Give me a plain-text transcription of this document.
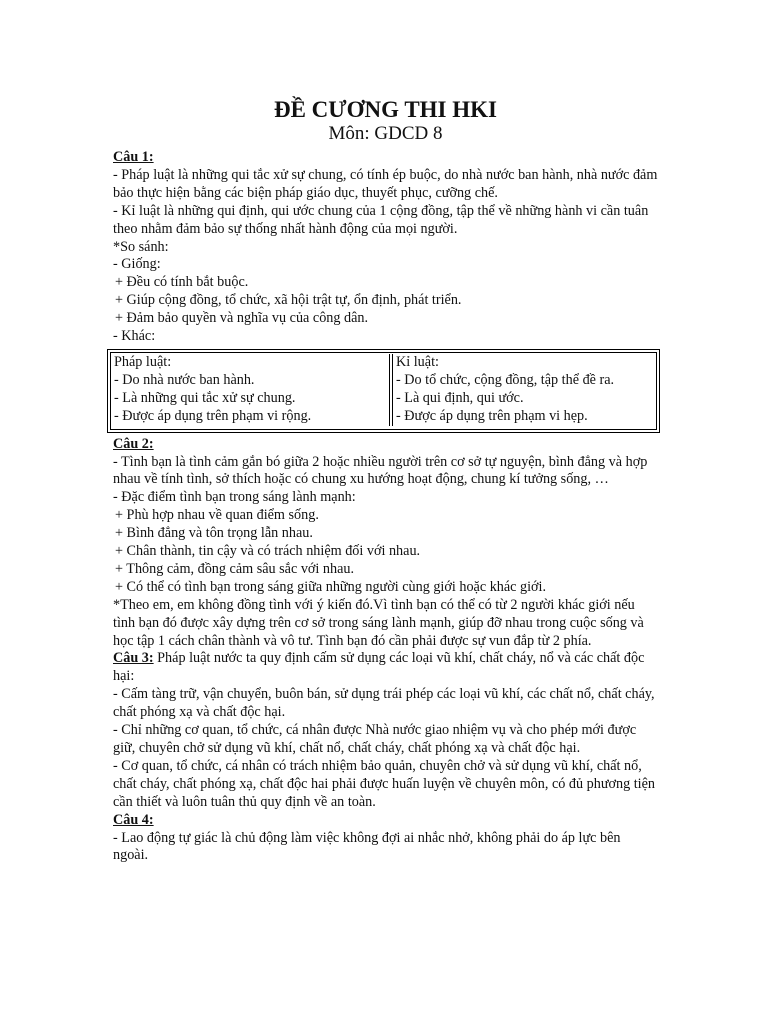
ĐỀ CƯƠNG THI HKI
Môn: GDCD 8

Câu 1:

- Pháp luật là những qui tắc xử sự chung, có tính ép buộc, do nhà nước ban hành, nhà nước đảm bảo thực hiện bằng các biện pháp giáo dục, thuyết phục, cưỡng chế.

- Kỉ luật là những qui định, qui ước chung của 1 cộng đồng, tập thể về những hành vi cần tuân theo nhằm đảm bảo sự thống nhất hành động của mọi người.

*So sánh:

- Giống:

+ Đều có tính bắt buộc.

+ Giúp cộng đồng, tổ chức, xã hội trật tự, ổn định, phát triển.

+ Đảm bảo quyền và nghĩa vụ của công dân.

- Khác:

Pháp luật:

- Do nhà nước ban hành.

- Là những qui tắc xử sự chung.

- Được áp dụng trên phạm vi rộng.

Kỉ luật:

- Do tổ chức, cộng đồng, tập thể đề ra.

- Là qui định, qui ước.

- Được áp dụng trên phạm vi hẹp.

Câu 2:

- Tình bạn là tình cảm gắn bó giữa 2 hoặc nhiều người trên cơ sở tự nguyện, bình đẳng và hợp nhau về tính tình, sở thích hoặc có chung xu hướng hoạt động, chung kí tưởng sống, …

- Đặc điểm tình bạn trong sáng lành mạnh:

+ Phù hợp nhau về quan điểm sống.

+ Bình đẳng và tôn trọng lẫn nhau.

+ Chân thành, tin cậy và có trách nhiệm đối với nhau.

+ Thông cảm, đồng cảm sâu sắc với nhau.

+ Có thể có tình bạn trong sáng giữa những người cùng giới hoặc khác giới.

*Theo em, em không đồng tình với ý kiến đó.Vì tình bạn có thể có từ 2 người khác giới nếu tình bạn đó được xây dựng trên cơ sở trong sáng lành mạnh, giúp đỡ nhau trong cuộc sống và học tập 1 cách chân thành và vô tư. Tình bạn đó cần phải được sự vun đắp từ 2 phía.

Câu 3: Pháp luật nước ta quy định cấm sử dụng các loại vũ khí, chất cháy, nổ và các chất độc hại:

- Cấm tàng trữ, vận chuyển, buôn bán, sử dụng trái phép các loại vũ khí, các chất nổ, chất cháy, chất phóng xạ và chất độc hại.

- Chỉ những cơ quan, tổ chức, cá nhân được Nhà nước giao nhiệm vụ và cho phép mới được giữ, chuyên chở sử dụng vũ khí, chất nổ, chất cháy, chất phóng xạ và chất độc hại.

- Cơ quan, tổ chức, cá nhân có trách nhiệm bảo quản, chuyên chở và sử dụng vũ khí, chất nổ, chất cháy, chất phóng xạ, chất độc hai phải được huấn luyện về chuyên môn, có đủ phương tiện cần thiết và luôn tuân thủ quy định về an toàn.

Câu 4:

- Lao động tự giác là chủ động làm việc không đợi ai nhắc nhở, không phải do áp lực bên ngoài.
